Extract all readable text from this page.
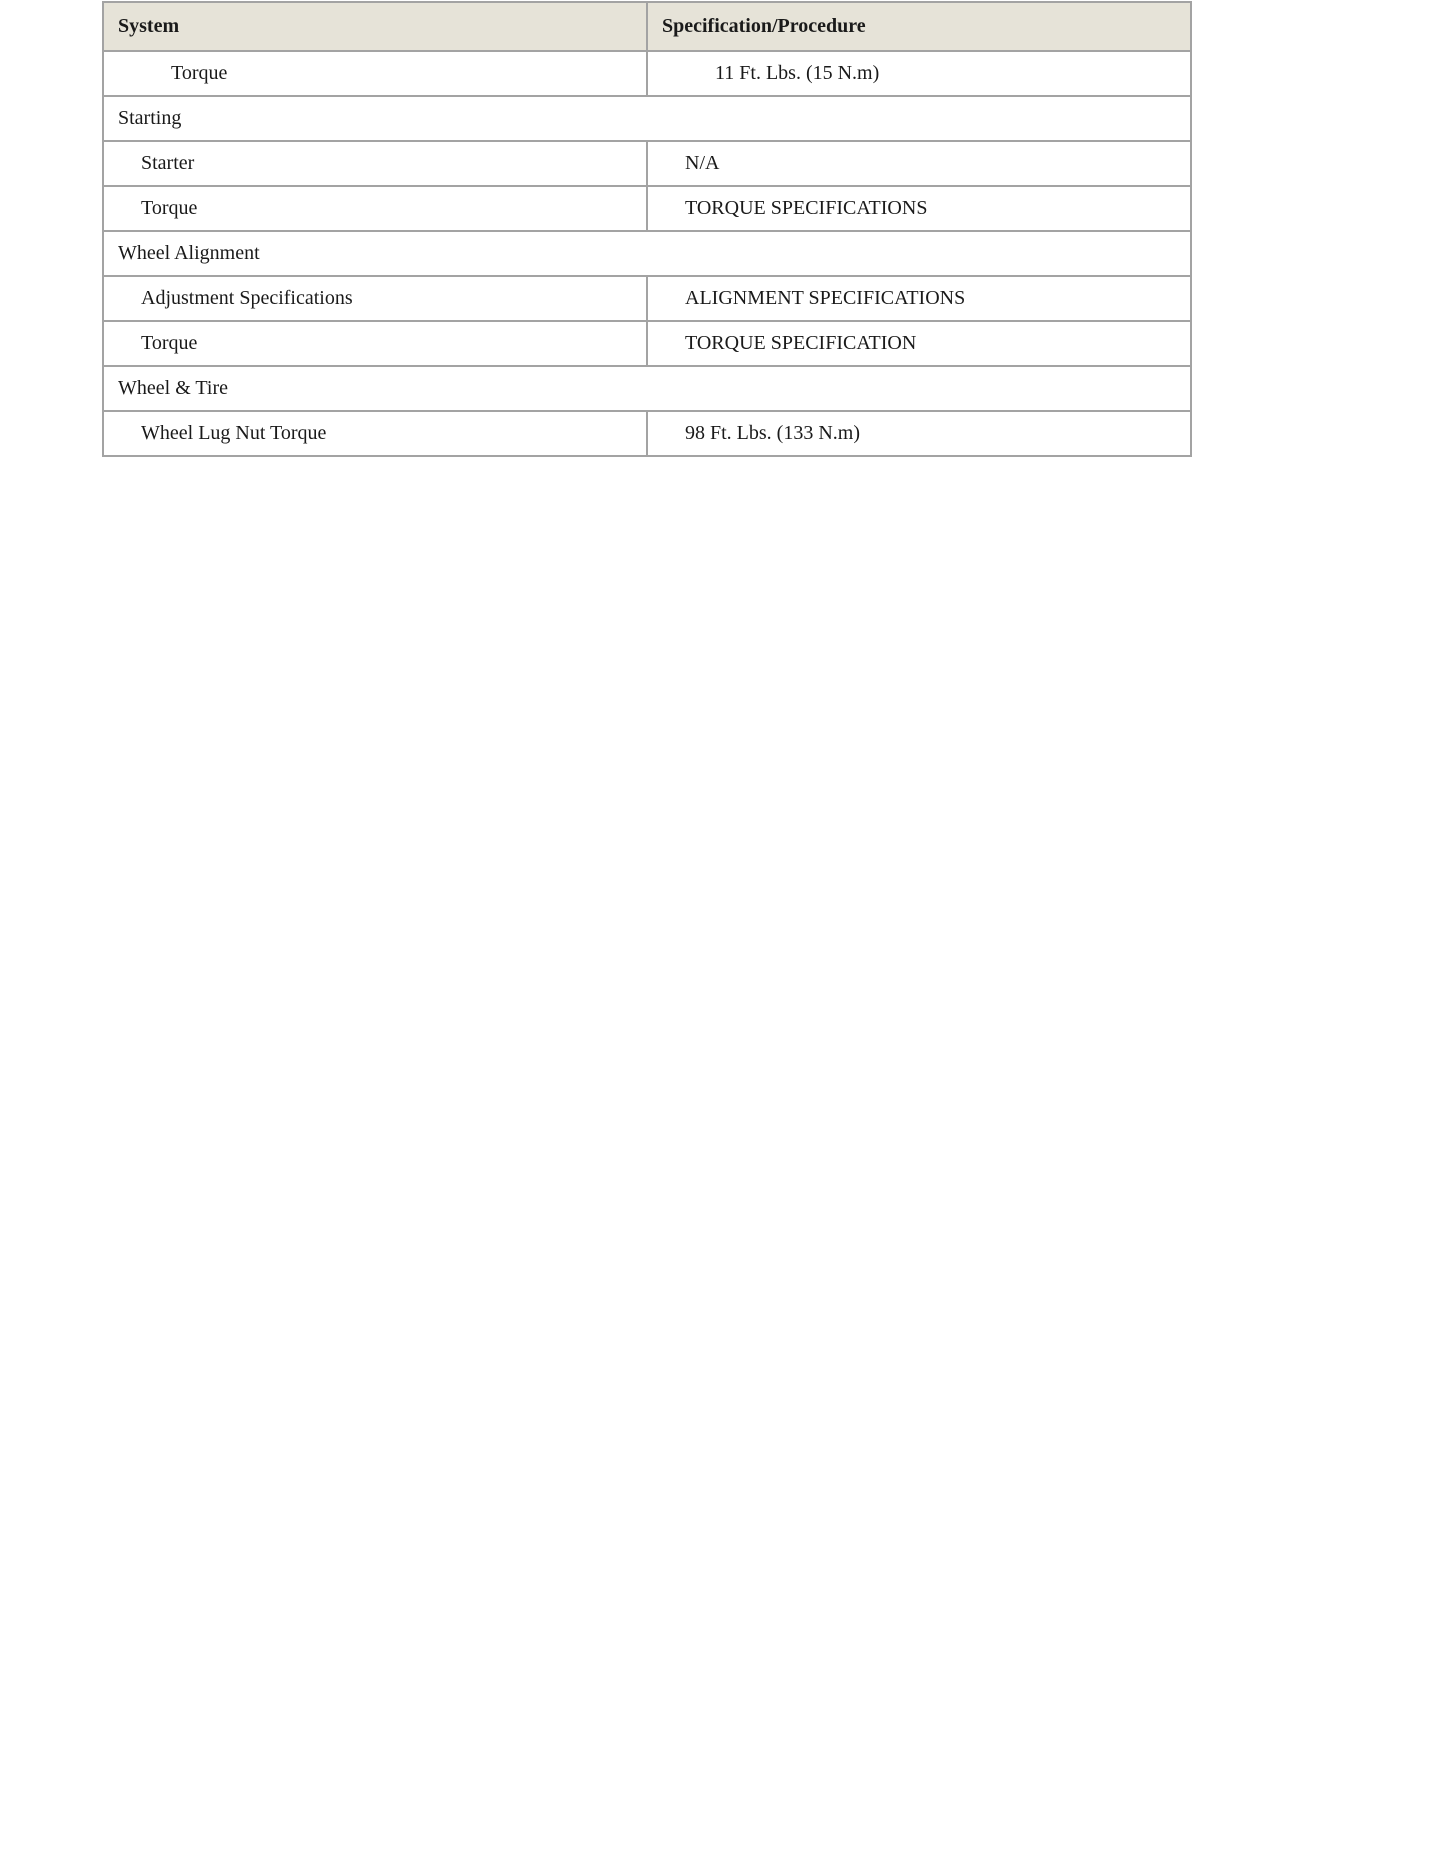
System	Specification/Procedure
Torque	11 Ft. Lbs. (15 N.m)
Starting	
Starter	N/A
Torque	TORQUE SPECIFICATIONS
Wheel Alignment	
Adjustment Specifications	ALIGNMENT SPECIFICATIONS
Torque	TORQUE SPECIFICATION
Wheel & Tire	
Wheel Lug Nut Torque	98 Ft. Lbs. (133 N.m)
